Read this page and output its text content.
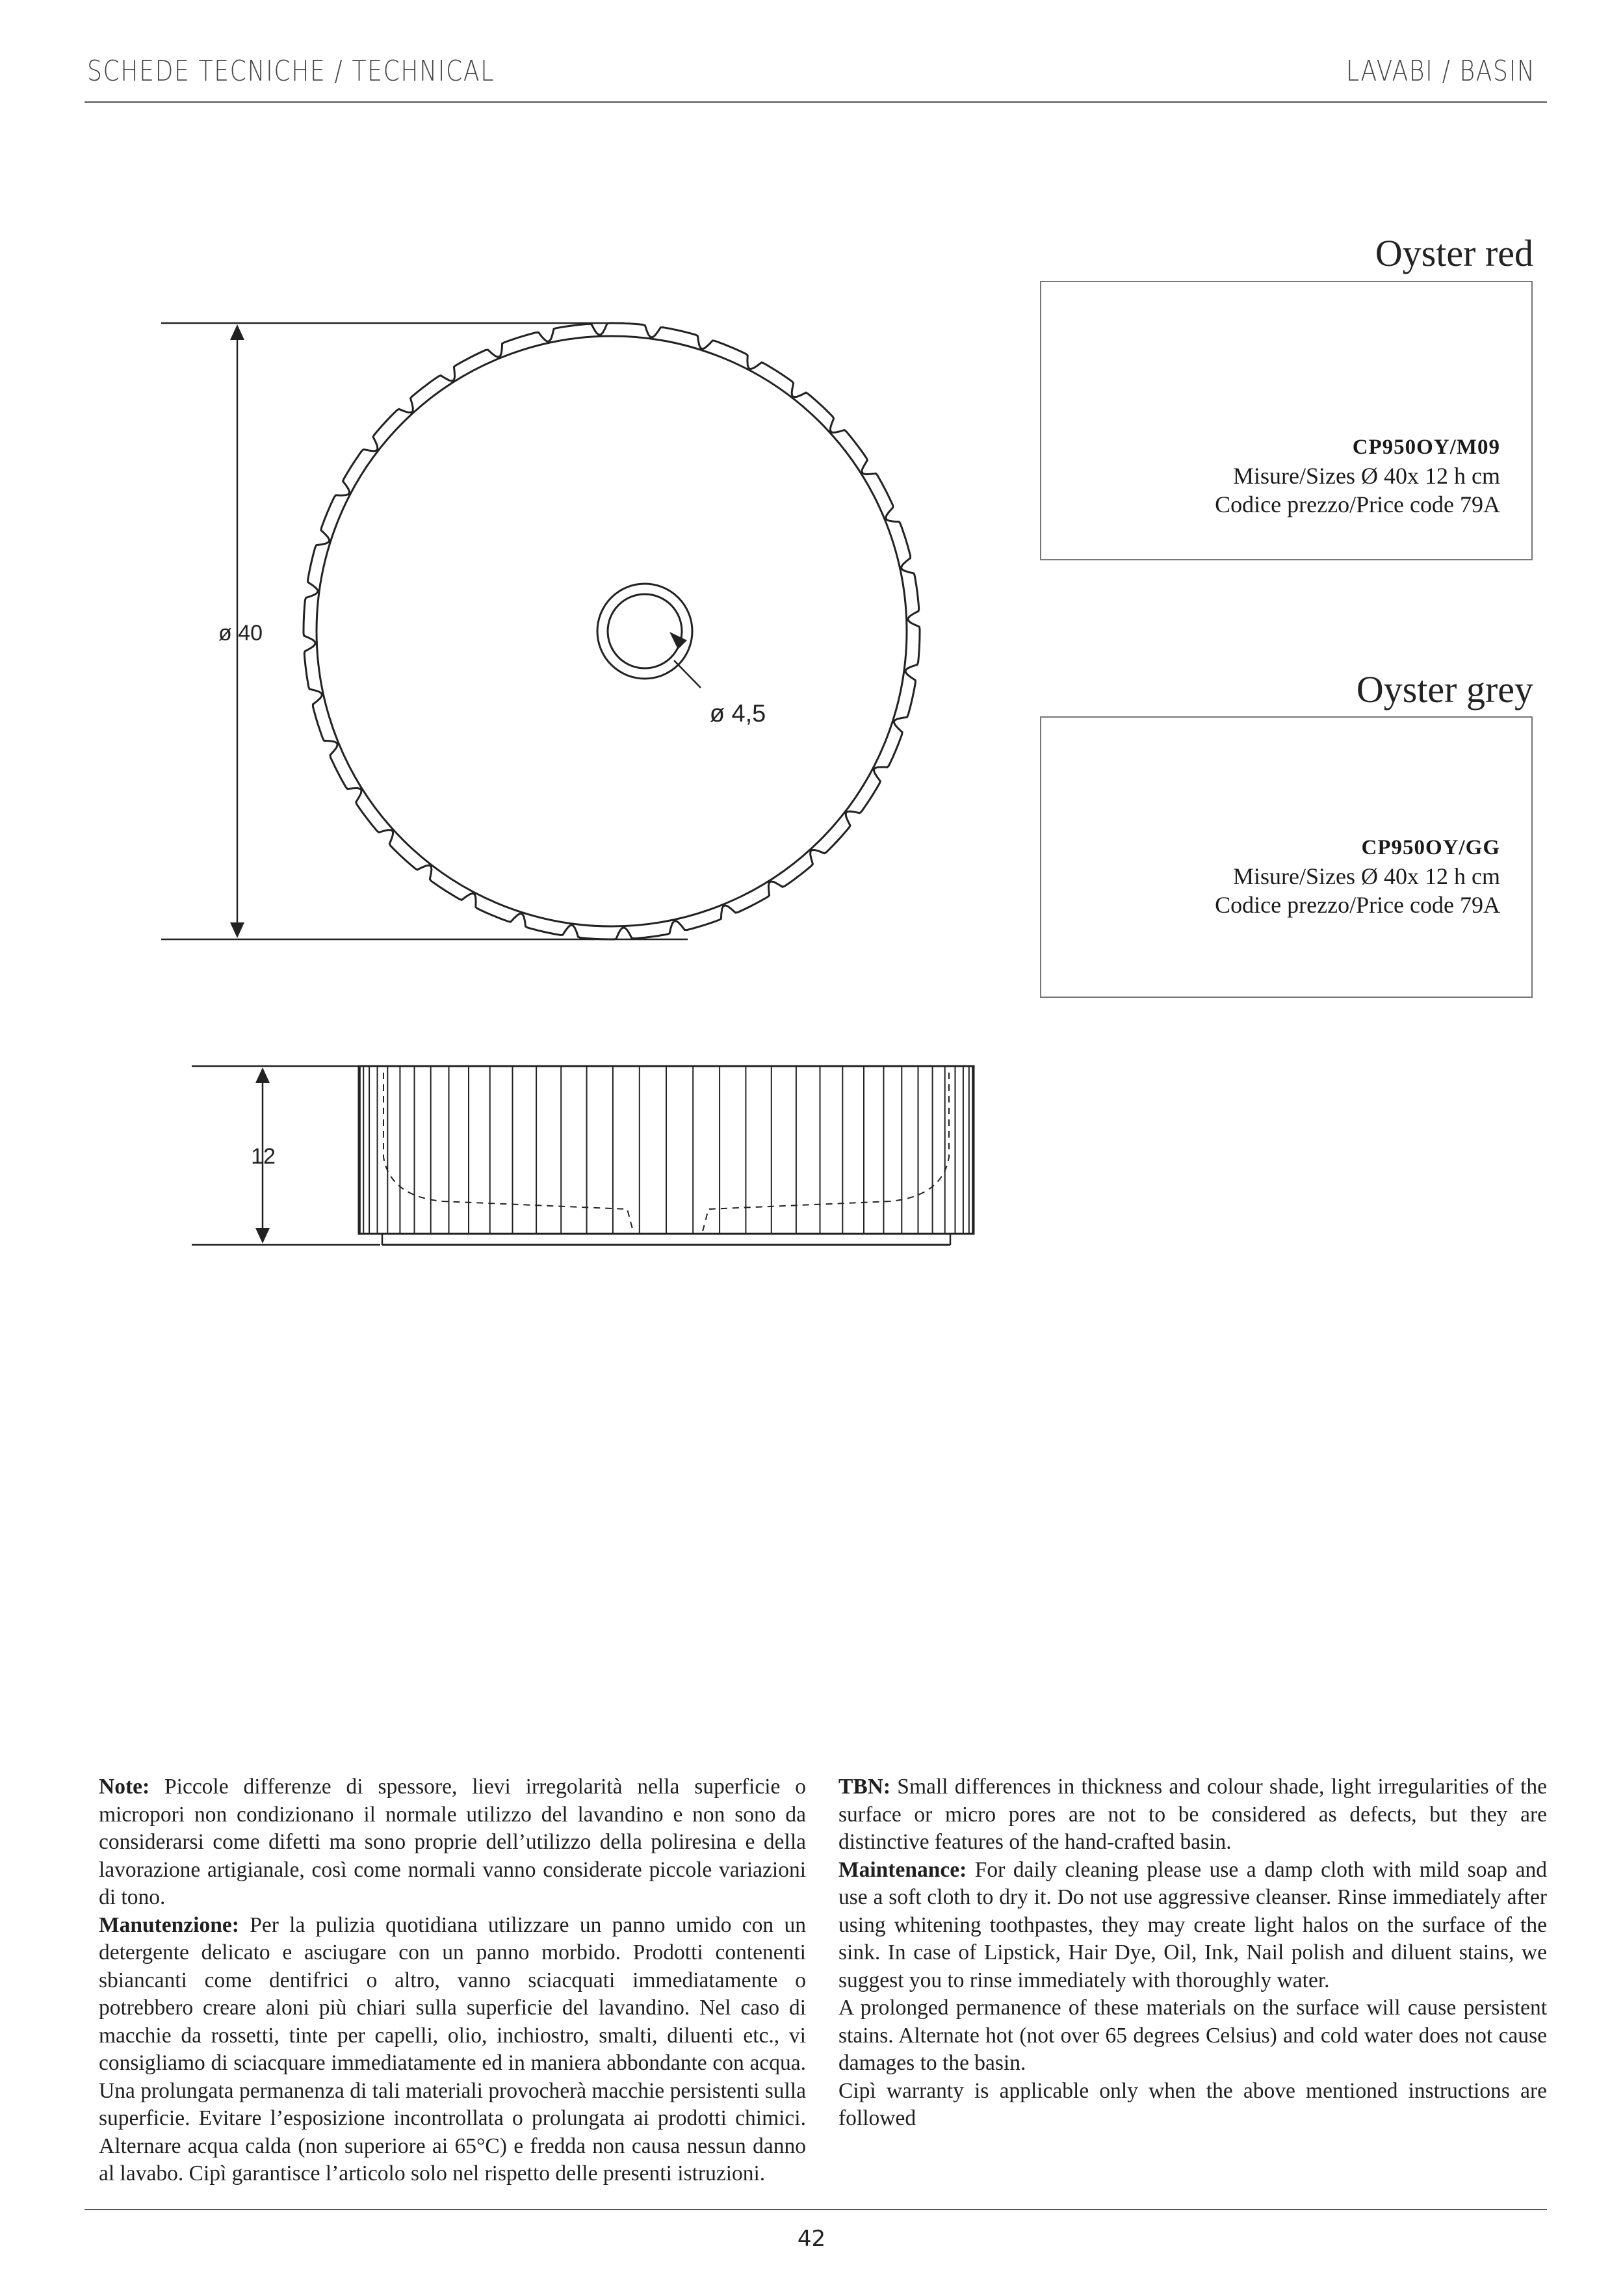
SCHEDE TECNICHE / TECHNICAL	LAVABI / BASIN
ø 40
ø 4,5
12
Oyster red
CP950OY/M09
Misure/Sizes Ø 40x 12 h cm
Codice prezzo/Price code 79A
Oyster grey
CP950OY/GG
Misure/Sizes Ø 40x 12 h cm
Codice prezzo/Price code 79A

Note: Piccole differenze di spessore, lievi irregolarità nella superficie o micropori non condizionano il normale utilizzo del lavandino e non sono da considerarsi come difetti ma sono proprie dell’utilizzo della poliresina e della lavorazione artigianale, così come normali vanno considerate piccole variazioni di tono.

Manutenzione: Per la pulizia quotidiana utilizzare un panno umido con un detergente delicato e asciugare con un panno morbido. Prodotti contenenti sbiancanti come dentifrici o altro, vanno sciacquati immediatamente o potrebbero creare aloni più chiari sulla superficie del lavandino. Nel caso di macchie da rossetti, tinte per capelli, olio, inchiostro, smalti, diluenti etc., vi consigliamo di sciacquare immediatamente ed in maniera abbondante con acqua. Una prolungata permanenza di tali materiali provocherà macchie persistenti sulla superficie. Evitare l’esposizione incontrollata o prolungata ai prodotti chimici. Alternare acqua calda (non superiore ai 65°C) e fredda non causa nessun danno al lavabo. Cipì garantisce l’articolo solo nel rispetto delle presenti istruzioni.

TBN: Small differences in thickness and colour shade, light irregularities of the surface or micro pores are not to be considered as defects, but they are distinctive features of the hand-crafted basin.

Maintenance: For daily cleaning please use a damp cloth with mild soap and use a soft cloth to dry it. Do not use aggressive cleanser. Rinse immediately after using whitening toothpastes, they may create light halos on the surface of the sink. In case of Lipstick, Hair Dye, Oil, Ink, Nail polish and diluent stains, we suggest you to rinse immediately with thoroughly water.

A prolonged permanence of these materials on the surface will cause persistent stains. Alternate hot (not over 65 degrees Celsius) and cold water does not cause damages to the basin.

Cipì warranty is applicable only when the above mentioned instructions are followed

42
